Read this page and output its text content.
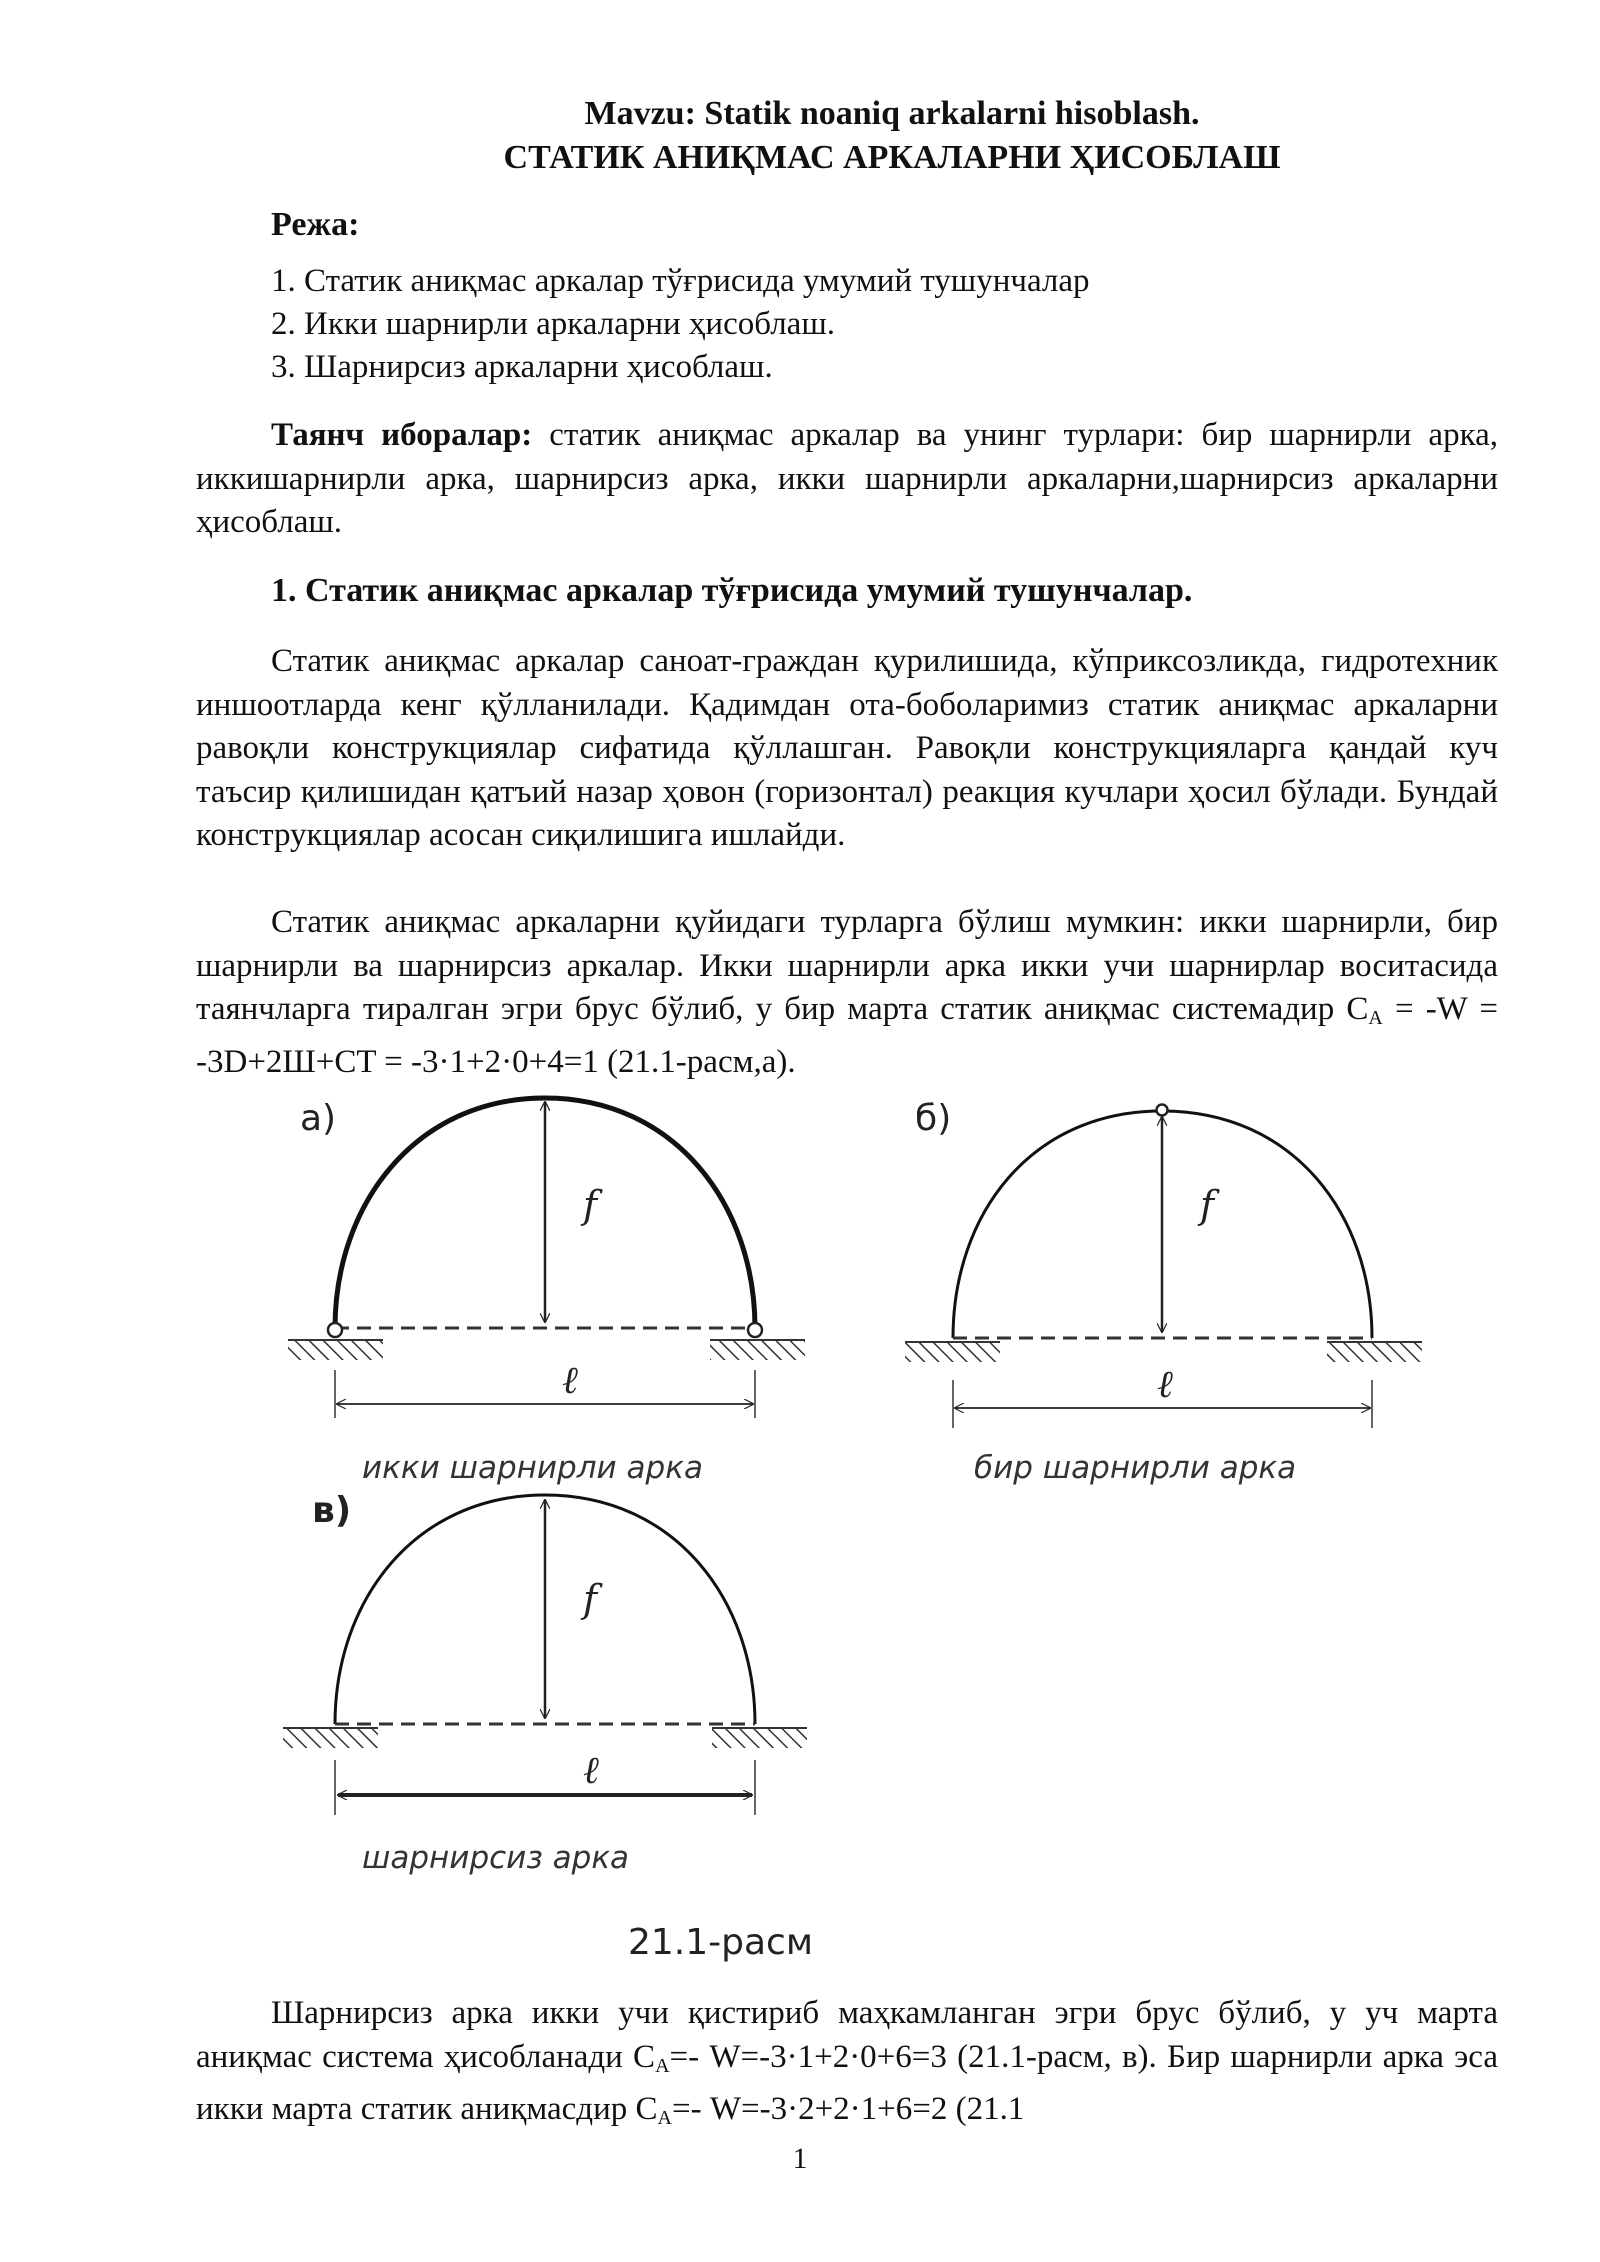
Mavzu: Statik noaniq arkalarni hisoblash.
СТАТИК АНИҚМАС АРКАЛАРНИ ҲИСОБЛАШ
Режа:
1. Статик аниқмас аркалар тўғрисида умумий тушунчалар
2. Икки шарнирли аркаларни ҳисоблаш.
3. Шарнирсиз аркаларни ҳисоблаш.
Таянч иборалар: статик аниқмас аркалар ва унинг турлари: бир шарнирли арка, иккишарнирли арка, шарнирсиз арка, икки шарнирли аркаларни,шарнирсиз аркаларни ҳисоблаш.
1. Статик аниқмас аркалар тўғрисида умумий тушунчалар.
Статик аниқмас аркалар саноат-граждан қурилишида, кўприксозликда, гидротехник иншоотларда кенг қўлланилади. Қадимдан ота-боболаримиз статик аниқмас аркаларни равоқли конструкциялар сифатида қўллашган. Равоқли конструкцияларга қандай куч таъсир қилишидан қатъий назар ҳовон (горизонтал) реакция кучлари ҳосил бўлади. Бундай конструкциялар асосан сиқилишига ишлайди.
Статик аниқмас аркаларни қуйидаги турларга бўлиш мумкин: икки шарнирли, бир шарнирли ва шарнирсиз аркалар. Икки шарнирли арка икки учи шарнирлар воситасида таянчларга тиралган эгри брус бўлиб, у бир марта статик аниқмас системадир $С_А = -W = -3D+2Ш+CT = -3\cdot 1+2\cdot 0+4=1$ (21.1-расм,а).
а)
f
ℓ
икки шарнирли арка
б)
f
ℓ
бир шарнирли арка
в)
f
ℓ
шарнирсиз арка
21.1-расм
Шарнирсиз арка икки учи қистириб маҳкамланган эгри брус бўлиб, у уч марта аниқмас система ҳисобланади $С_А=-$ W=-3·1+2·0+6=3 (21.1-расм, в). Бир шарнирли арка эса икки марта статик аниқмасдир $С_А=-$ W=-3·2+2·1+6=2 (21.1
1
